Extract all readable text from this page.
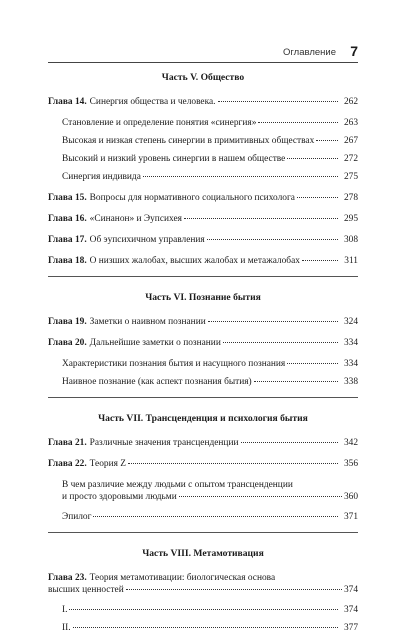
Оглавление 7
Часть V. Общество
Глава 14. Синергия общества и человека.	262
Становление и определение понятия «синергия»	263
Высокая и низкая степень синергии в примитивных обществах	267
Высокий и низкий уровень синергии в нашем обществе	272
Синергия индивида	275
Глава 15. Вопросы для нормативного социального психолога	278
Глава 16. «Синанон» и Эупсихея	295
Глава 17. Об эупсихичном управления	308
Глава 18. О низших жалобах, высших жалобах и метажалобах	311
Часть VI. Познание бытия
Глава 19. Заметки о наивном познании	324
Глава 20. Дальнейшие заметки о познании	334
Характеристики познания бытия и насущного познания	334
Наивное познание (как аспект познания бытия)	338
Часть VII. Трансценденция и психология бытия
Глава 21. Различные значения трансценденции	342
Глава 22. Теория Z	356
В чем различие между людьми с опытом трансценденции
и просто здоровыми людьми	360
Эпилог	371
Часть VIII. Метамотивация
Глава 23. Теория метамотивации: биологическая основа
высших ценностей	374
I.	374
II.	377
